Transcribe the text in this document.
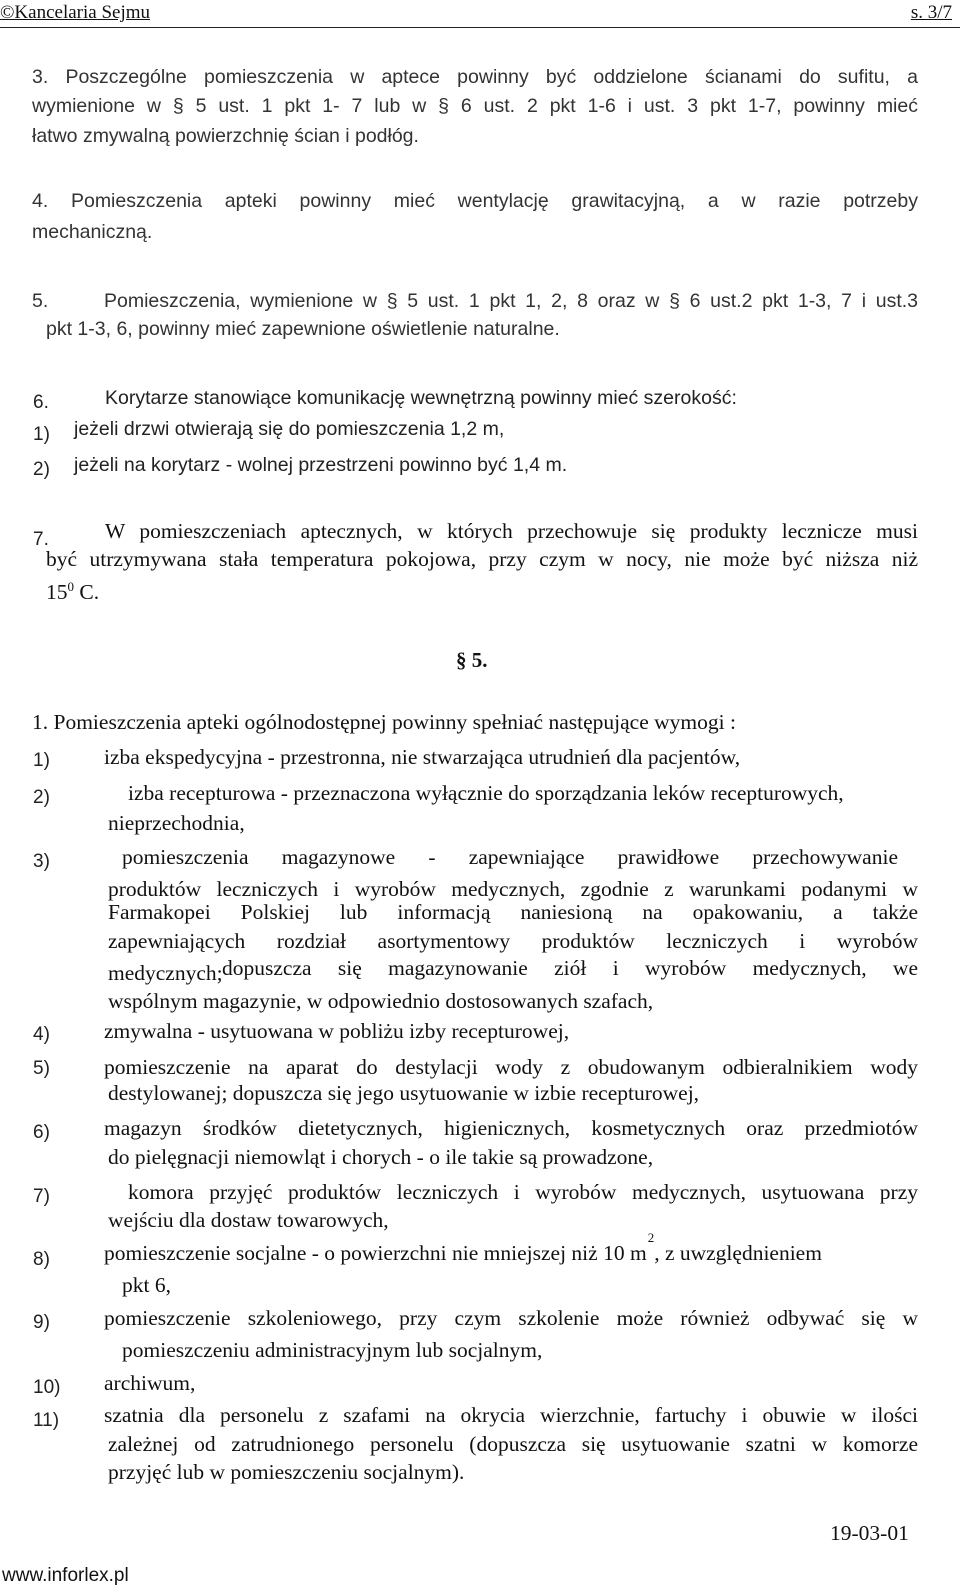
©Kancelaria Sejmu	s. 3/7
3. Poszczególne pomieszczenia w aptece powinny być oddzielone ścianami do sufitu, a
wymienione w § 5 ust. 1 pkt 1- 7 lub w § 6 ust. 2 pkt 1-6 i ust. 3 pkt 1-7, powinny mieć
łatwo zmywalną powierzchnię ścian i podłóg.
4. Pomieszczenia apteki powinny mieć wentylację grawitacyjną, a w razie potrzeby
mechaniczną.
5.	Pomieszczenia, wymienione w § 5 ust. 1 pkt 1, 2, 8 oraz w § 6 ust.2 pkt 1-3, 7 i ust.3
pkt 1-3, 6, powinny mieć zapewnione oświetlenie naturalne.
6.	Korytarze stanowiące komunikację wewnętrzną powinny mieć szerokość:
1) jeżeli drzwi otwierają się do pomieszczenia 1,2 m,
2) jeżeli na korytarz - wolnej przestrzeni powinno być 1,4 m.
7.	W pomieszczeniach aptecznych, w których przechowuje się produkty lecznicze musi
być utrzymywana stała temperatura pokojowa, przy czym w nocy, nie może być niższa niż
$15^0$ C.
§ 5.
1. Pomieszczenia apteki ogólnodostępnej powinny spełniać następujące wymogi :
1)	izba ekspedycyjna - przestronna, nie stwarzająca utrudnień dla pacjentów,
2)	izba recepturowa - przeznaczona wyłącznie do sporządzania leków recepturowych,
nieprzechodnia,
3)	pomieszczenia magazynowe - zapewniające prawidłowe przechowywanie
produktów leczniczych i wyrobów medycznych, zgodnie z warunkami podanymi w
Farmakopei Polskiej lub informacją naniesioną na opakowaniu, a także
zapewniających rozdział asortymentowy produktów leczniczych i wyrobów
medycznych; dopuszcza się magazynowanie ziół i wyrobów medycznych, we
wspólnym magazynie, w odpowiednio dostosowanych szafach,
4)	zmywalna - usytuowana w pobliżu izby recepturowej,
5)	pomieszczenie na aparat do destylacji wody z obudowanym odbieralnikiem wody
destylowanej; dopuszcza się jego usytuowanie w izbie recepturowej,
6)	magazyn środków dietetycznych, higienicznych, kosmetycznych oraz przedmiotów
do pielęgnacji niemowląt i chorych - o ile takie są prowadzone,
7)	komora przyjęć produktów leczniczych i wyrobów medycznych, usytuowana przy
wejściu dla dostaw towarowych,
8)	pomieszczenie socjalne - o powierzchni nie mniejszej niż 10 m
2
, z uwzględnieniem
pkt 6,
9)	pomieszczenie szkoleniowego, przy czym szkolenie może również odbywać się w
pomieszczeniu administracyjnym lub socjalnym,
10) archiwum,
11) szatnia dla personelu z szafami na okrycia wierzchnie, fartuchy i obuwie w ilości
zależnej od zatrudnionego personelu (dopuszcza się usytuowanie szatni w komorze
przyjęć lub w pomieszczeniu socjalnym).
19-03-01
www.inforlex.pl
